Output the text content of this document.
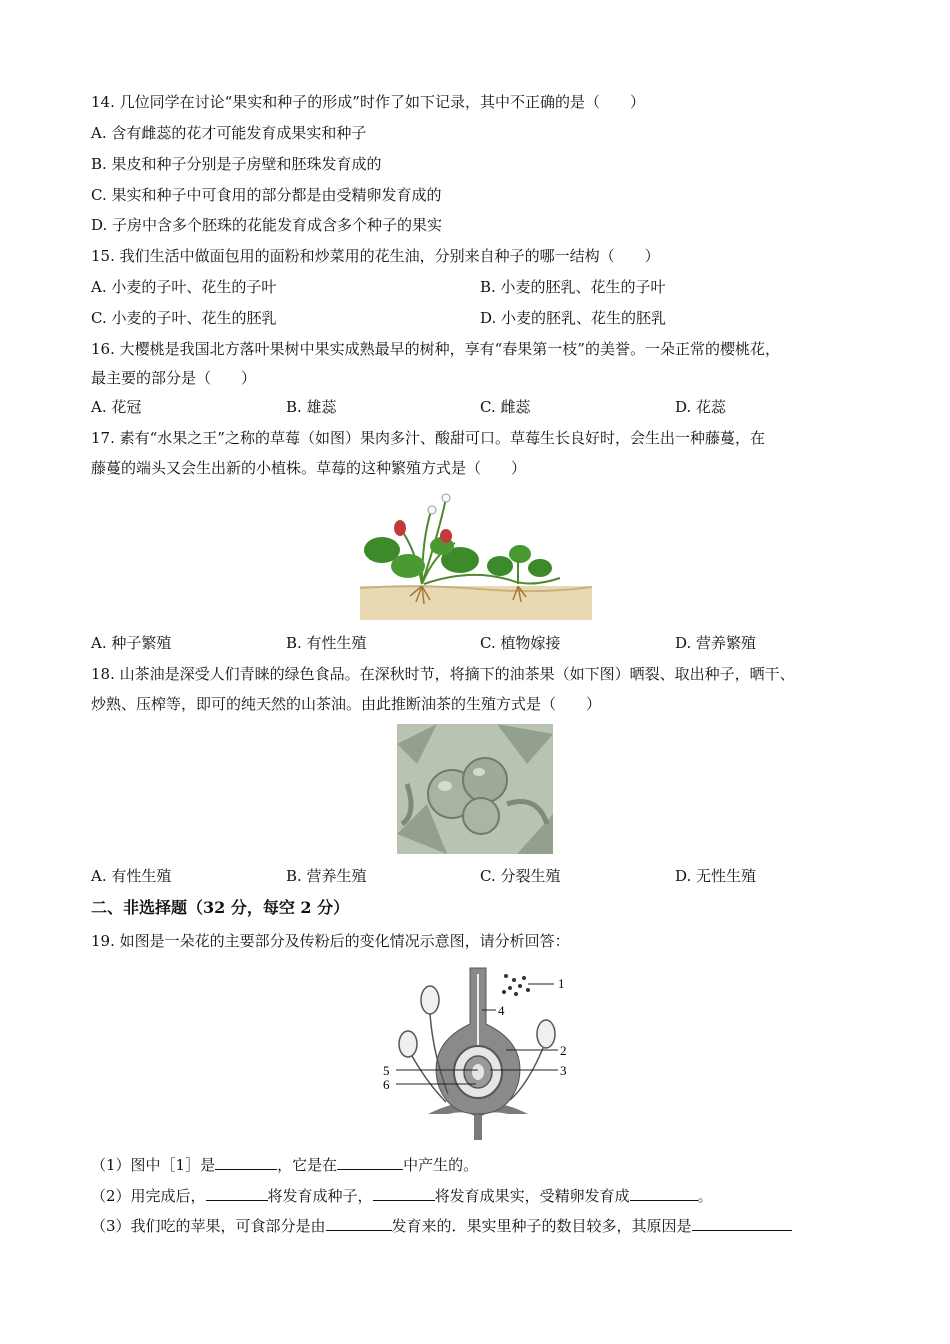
14. 几位同学在讨论“果实和种子的形成”时作了如下记录，其中不正确的是（　　）
A. 含有雌蕊的花才可能发育成果实和种子
B. 果皮和种子分别是子房壁和胚珠发育成的
C. 果实和种子中可食用的部分都是由受精卵发育成的
D. 子房中含多个胚珠的花能发育成含多个种子的果实
15. 我们生活中做面包用的面粉和炒菜用的花生油，分别来自种子的哪一结构（　　）
A. 小麦的子叶、花生的子叶	B. 小麦的胚乳、花生的子叶
C. 小麦的子叶、花生的胚乳	D. 小麦的胚乳、花生的胚乳
16. 大樱桃是我国北方落叶果树中果实成熟最早的树种，享有“春果第一枝”的美誉。一朵正常的樱桃花，
最主要的部分是（　　）
A. 花冠	B. 雄蕊	C. 雌蕊	D. 花蕊
17. 素有“水果之王”之称的草莓（如图）果肉多汁、酸甜可口。草莓生长良好时，会生出一种藤蔓，在
藤蔓的端头又会生出新的小植株。草莓的这种繁殖方式是（　　）
A. 种子繁殖	B. 有性生殖	C. 植物嫁接	D. 营养繁殖
18. 山茶油是深受人们青睐的绿色食品。在深秋时节，将摘下的油茶果（如下图）晒裂、取出种子，晒干、
炒熟、压榨等，即可的纯天然的山茶油。由此推断油茶的生殖方式是（　　）
A. 有性生殖	B. 营养生殖	C. 分裂生殖	D. 无性生殖
二、非选择题（32 分，每空 2 分）
19. 如图是一朵花的主要部分及传粉后的变化情况示意图，请分析回答：
1
4
2
3
5
6
（1）图中［1］是	，它是在	中产生的。
（2）用完成后，	将发育成种子，	将发育成果实，受精卵发育成	。
（3）我们吃的苹果，可食部分是由	发育来的．果实里种子的数目较多，其原因是
